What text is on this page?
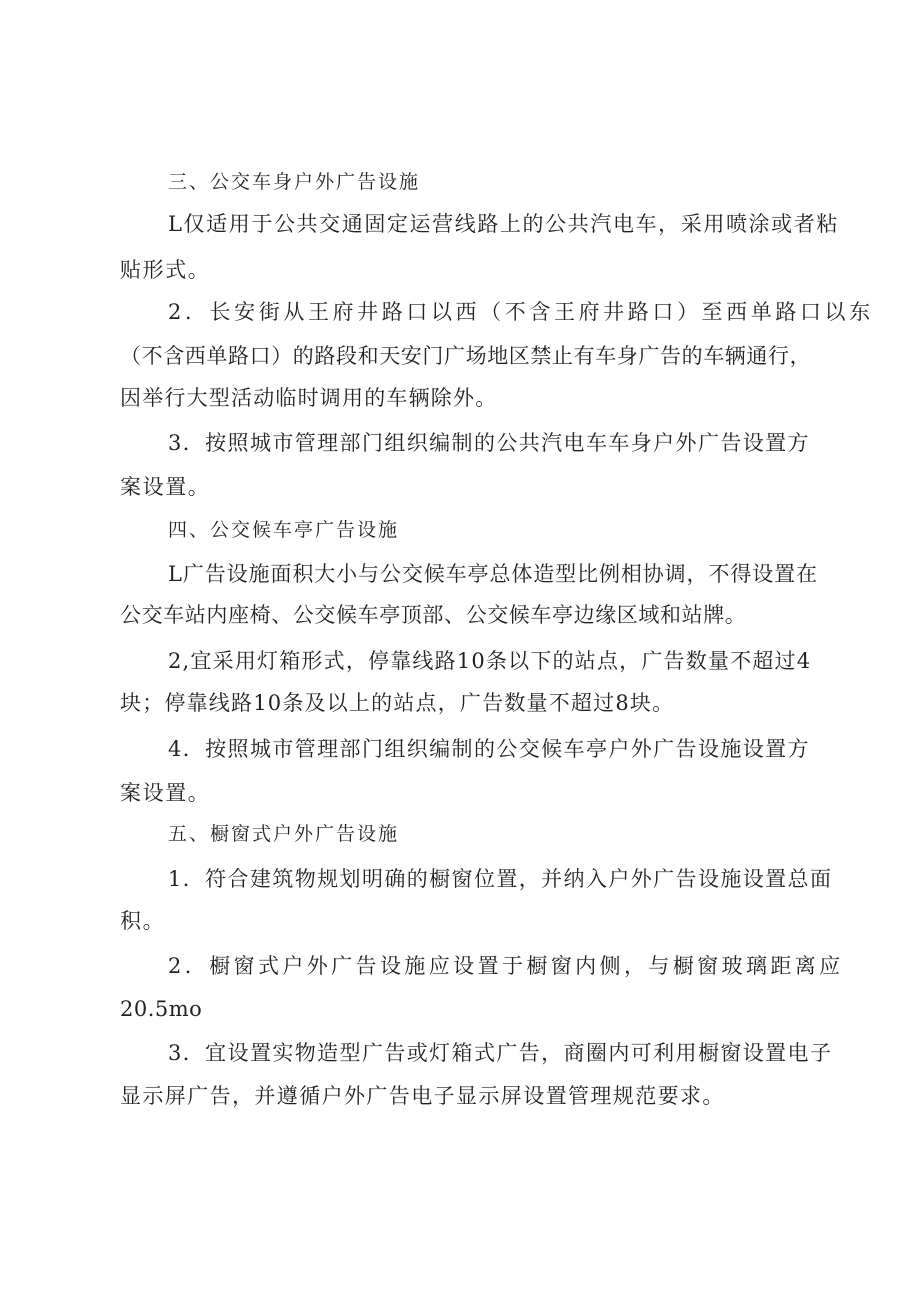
三、公交车身户外广告设施
L仅适用于公共交通固定运营线路上的公共汽电车，采用喷涂或者粘
贴形式。
2．长安街从王府井路口以西（不含王府井路口）至西单路口以东
（不含西单路口）的路段和天安门广场地区禁止有车身广告的车辆通行，
因举行大型活动临时调用的车辆除外。
3．按照城市管理部门组织编制的公共汽电车车身户外广告设置方
案设置。
四、公交候车亭广告设施
L广告设施面积大小与公交候车亭总体造型比例相协调，不得设置在
公交车站内座椅、公交候车亭顶部、公交候车亭边缘区域和站牌。
2,宜采用灯箱形式，停靠线路10条以下的站点，广告数量不超过4
块；停靠线路10条及以上的站点，广告数量不超过8块。
4．按照城市管理部门组织编制的公交候车亭户外广告设施设置方
案设置。
五、橱窗式户外广告设施
1．符合建筑物规划明确的橱窗位置，并纳入户外广告设施设置总面
积。
2．橱窗式户外广告设施应设置于橱窗内侧，与橱窗玻璃距离应
20.5mo
3．宜设置实物造型广告或灯箱式广告，商圈内可利用橱窗设置电子
显示屏广告，并遵循户外广告电子显示屏设置管理规范要求。
